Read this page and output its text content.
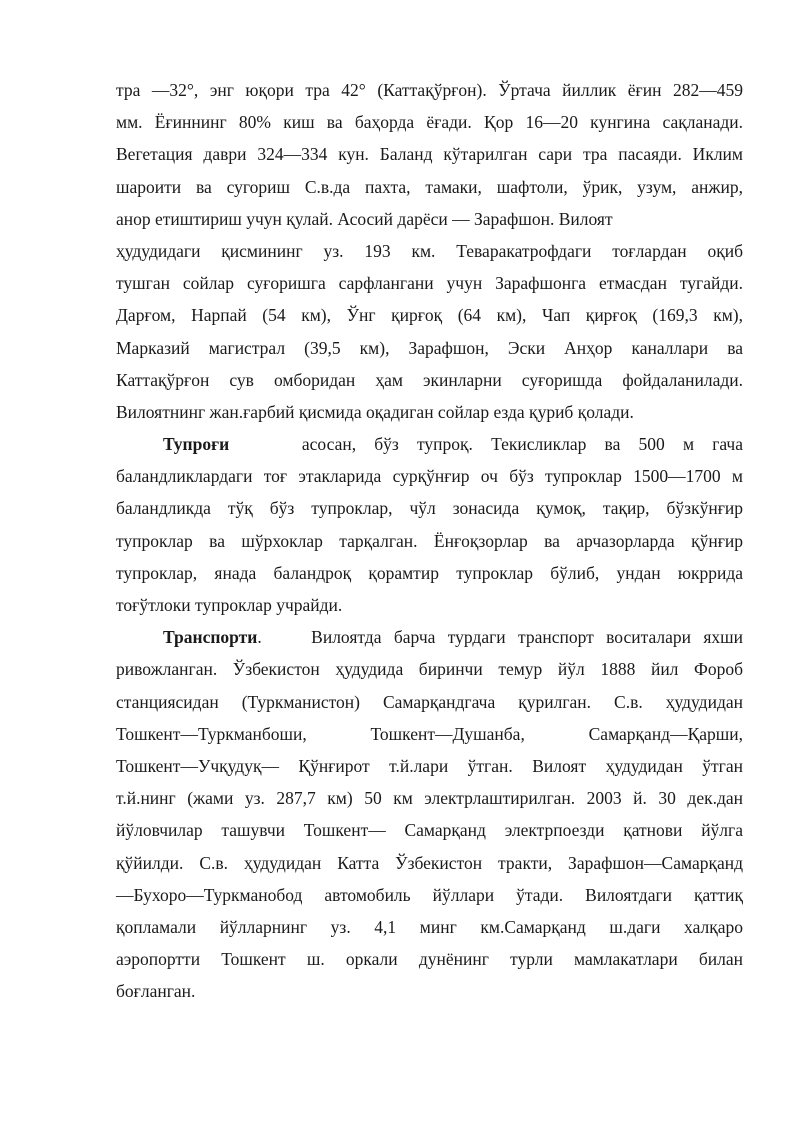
тра —32°, энг юқори тра 42° (Каттақўрғон). Ўртача йиллик ёғин 282—459
мм. Ёғиннинг 80% киш ва баҳорда ёғади. Қор 16—20 кунгина сақланади.
Вегетация даври 324—334 кун. Баланд кўтарилган сари тра пасаяди. Иклим
шароити ва сугориш С.в.да пахта, тамаки, шафтоли, ўрик, узум, анжир,
анор етиштириш учун қулай. Асосий дарёси — Зарафшон. Вилоят
ҳудудидаги қисмининг уз. 193 км. Теваракатрофдаги тоғлардан оқиб
тушган сойлар суғоришга сарфлангани учун Зарафшонга етмасдан тугайди.
Дарғом, Нарпай (54 км), Ўнг қирғоқ (64 км), Чап қирғоқ (169,3 км),
Марказий магистрал (39,5 км), Зарафшон, Эски Анҳор каналлари ва
Каттақўрғон сув омборидан ҳам экинларни суғоришда фойдаланилади.
Вилоятнинг жан.ғарбий қисмида оқадиган сойлар езда қуриб қолади.
Тупроғи	асосан, бўз тупроқ. Текисликлар ва 500 м гача
баландликлардаги тоғ этакларида сурқўнғир оч бўз тупроклар 1500—1700 м
баландликда тўқ бўз тупроклар, чўл зонасида қумоқ, тақир, бўзкўнғир
тупроклар ва шўрхоклар тарқалган. Ёнғоқзорлар ва арчазорларда қўнғир
тупроклар, янада баландроқ қорамтир тупроклар бўлиб, ундан юкррида
тоғўтлоки тупроклар учрайди.
Транспорти.	Вилоятда барча турдаги транспорт воситалари яхши
ривожланган. Ўзбекистон ҳудудида биринчи темур йўл 1888 йил Фороб
станциясидан (Туркманистон) Самарқандгача қурилган. С.в. ҳудудидан
Тошкент—Туркманбоши, Тошкент—Душанба, Самарқанд—Қарши,
Тошкент—Учқудуқ— Қўнғирот т.й.лари ўтган. Вилоят ҳудудидан ўтган
т.й.нинг (жами уз. 287,7 км) 50 км электрлаштирилган. 2003 й. 30 дек.дан
йўловчилар ташувчи Тошкент— Самарқанд электрпоезди қатнови йўлга
қўйилди. С.в. ҳудудидан Катта Ўзбекистон тракти, Зарафшон—Самарқанд
—Бухоро—Туркманобод автомобиль йўллари ўтади. Вилоятдаги қаттиқ
қопламали йўлларнинг уз. 4,1 минг км.Самарқанд ш.даги халқаро
аэропортти Тошкент ш. оркали дунёнинг турли мамлакатлари билан
боғланган.
